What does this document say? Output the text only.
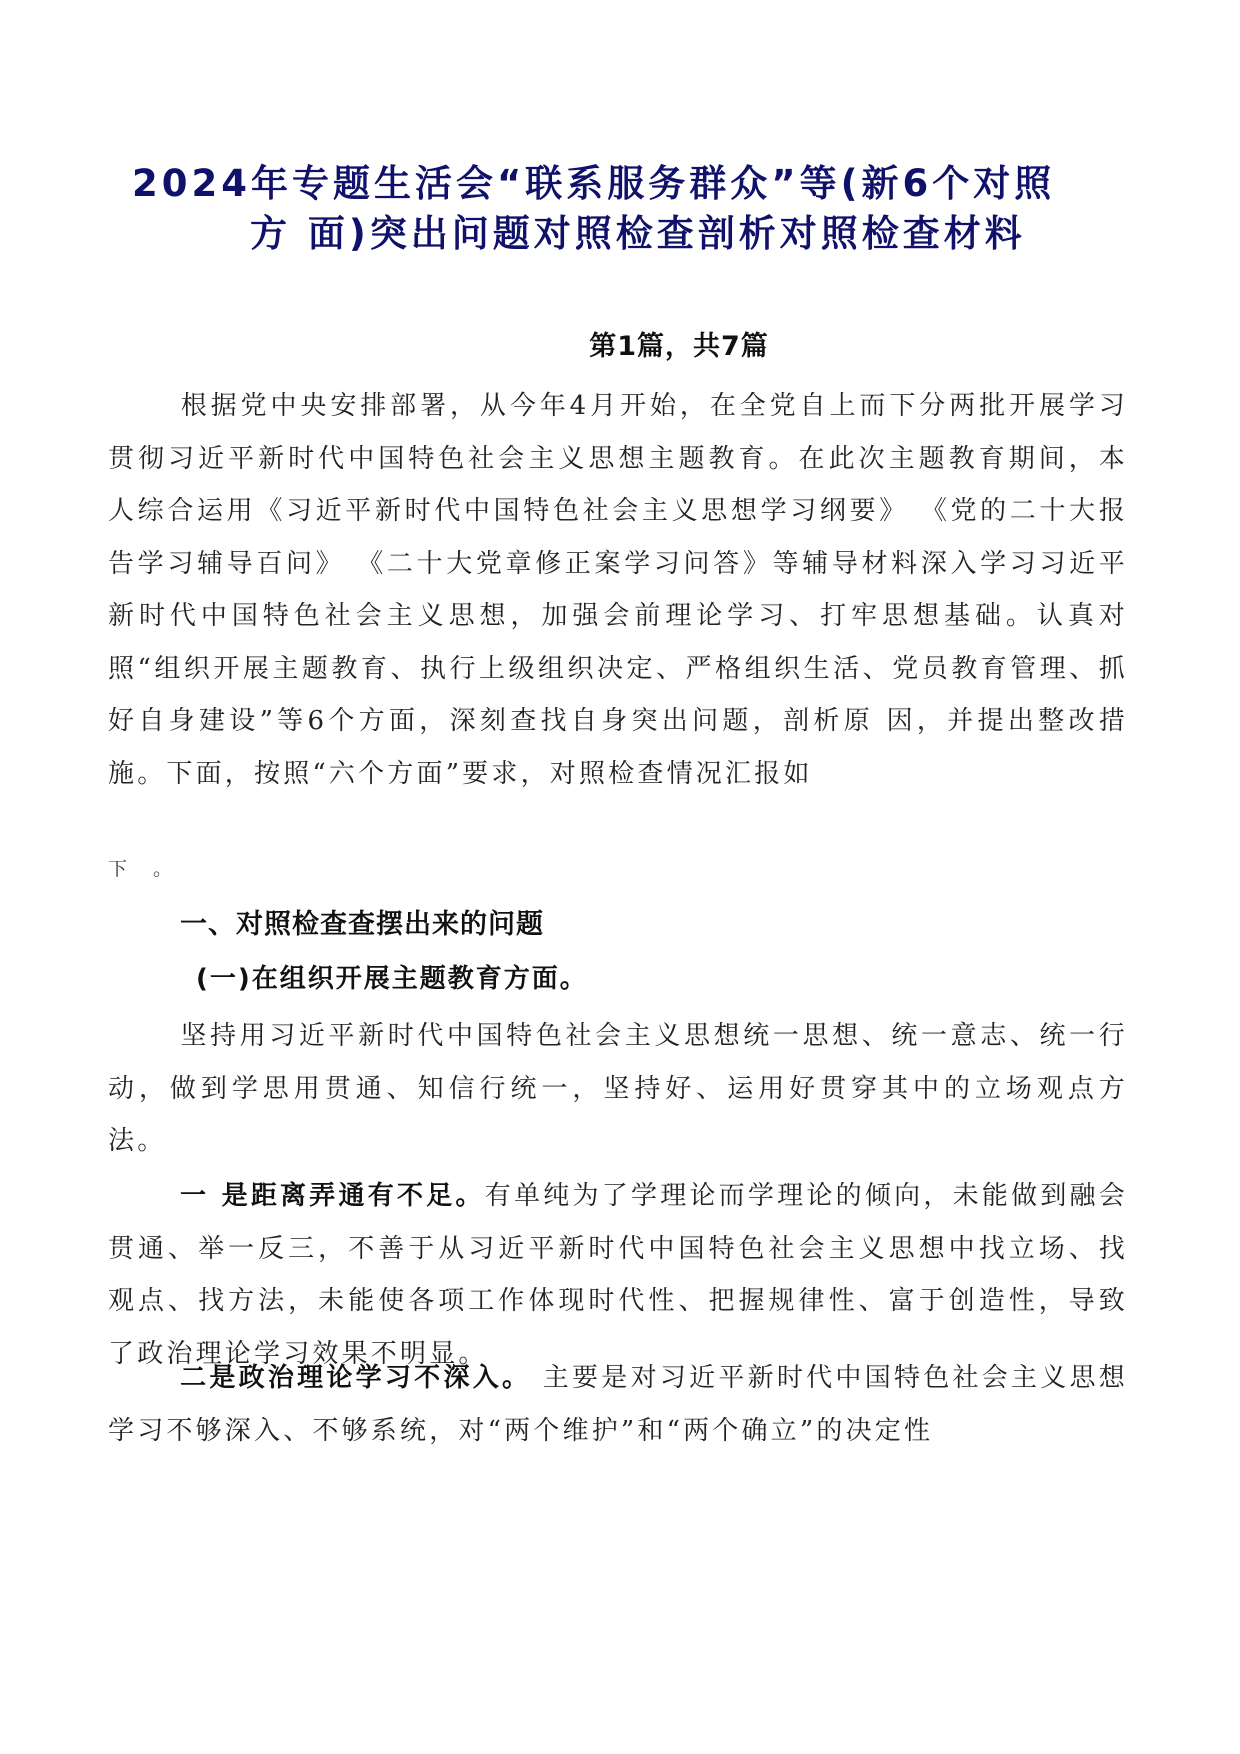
2024年专题生活会“联系服务群众”等(新6个对照
方 面)突出问题对照检查剖析对照检查材料
第1篇，共7篇
根据党中央安排部署，从今年4月开始，在全党自上而下分两批开展学习贯彻习近平新时代中国特色社会主义思想主题教育。在此次主题教育期间，本人综合运用《习近平新时代中国特色社会主义思想学习纲要》 《党的二十大报告学习辅导百问》 《二十大党章修正案学习问答》等辅导材料深入学习习近平新时代中国特色社会主义思想，加强会前理论学习、打牢思想基础。认真对照“组织开展主题教育、执行上级组织决定、严格组织生活、党员教育管理、抓好自身建设”等6个方面，深刻查找自身突出问题，剖析原 因，并提出整改措施。下面，按照“六个方面”要求，对照检查情况汇报如
下 。
一、对照检查查摆出来的问题
(一)在组织开展主题教育方面。
坚持用习近平新时代中国特色社会主义思想统一思想、统一意志、统一行动，做到学思用贯通、知信行统一，坚持好、运用好贯穿其中的立场观点方法。
一 是距离弄通有不足。有单纯为了学理论而学理论的倾向，未能做到融会贯通、举一反三，不善于从习近平新时代中国特色社会主义思想中找立场、找观点、找方法，未能使各项工作体现时代性、把握规律性、富于创造性，导致了政治理论学习效果不明显。
二是政治理论学习不深入。 主要是对习近平新时代中国特色社会主义思想学习不够深入、不够系统，对“两个维护”和“两个确立”的决定性
